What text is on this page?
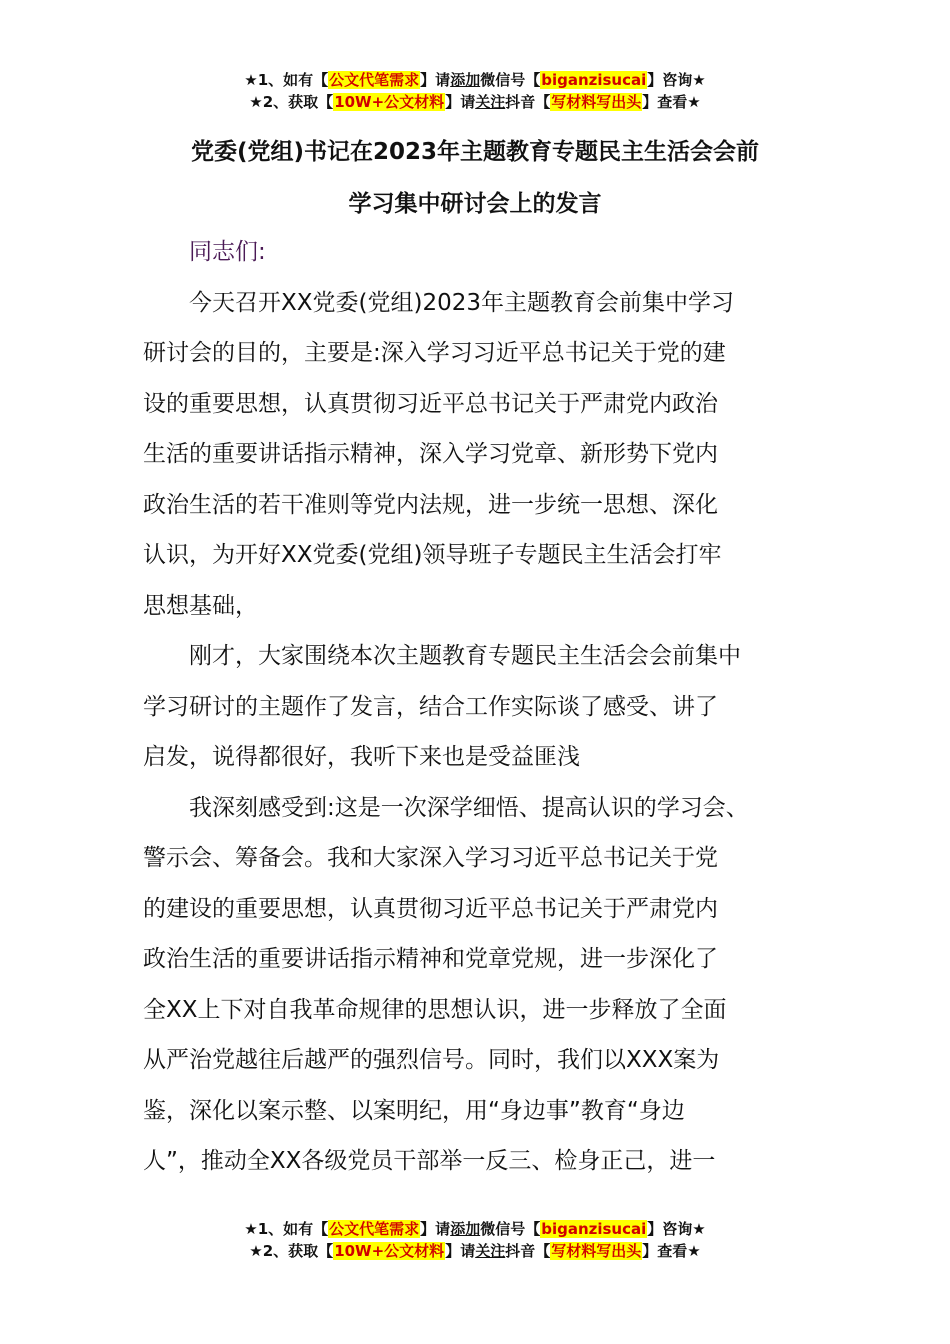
★1、如有【公文代笔需求】请添加微信号【biganzisucai】咨询★
★2、获取【10W+公文材料】请关注抖音【写材料写出头】查看★
党委(党组)书记在2023年主题教育专题民主生活会会前
学习集中研讨会上的发言

同志们:

今天召开XX党委(党组)2023年主题教育会前集中学习
研讨会的目的，主要是:深入学习习近平总书记关于党的建
设的重要思想，认真贯彻习近平总书记关于严肃党内政治
生活的重要讲话指示精神，深入学习党章、新形势下党内
政治生活的若干准则等党内法规，进一步统一思想、深化
认识，为开好XX党委(党组)领导班子专题民主生活会打牢
思想基础，

刚才，大家围绕本次主题教育专题民主生活会会前集中
学习研讨的主题作了发言，结合工作实际谈了感受、讲了
启发，说得都很好，我听下来也是受益匪浅

我深刻感受到:这是一次深学细悟、提高认识的学习会、
警示会、筹备会。我和大家深入学习习近平总书记关于党
的建设的重要思想，认真贯彻习近平总书记关于严肃党内
政治生活的重要讲话指示精神和党章党规，进一步深化了
全XX上下对自我革命规律的思想认识，进一步释放了全面
从严治党越往后越严的强烈信号。同时，我们以XXX案为
鉴，深化以案示整、以案明纪，用“身边事”教育“身边
人”，推动全XX各级党员干部举一反三、检身正己，进一

★1、如有【公文代笔需求】请添加微信号【biganzisucai】咨询★
★2、获取【10W+公文材料】请关注抖音【写材料写出头】查看★
